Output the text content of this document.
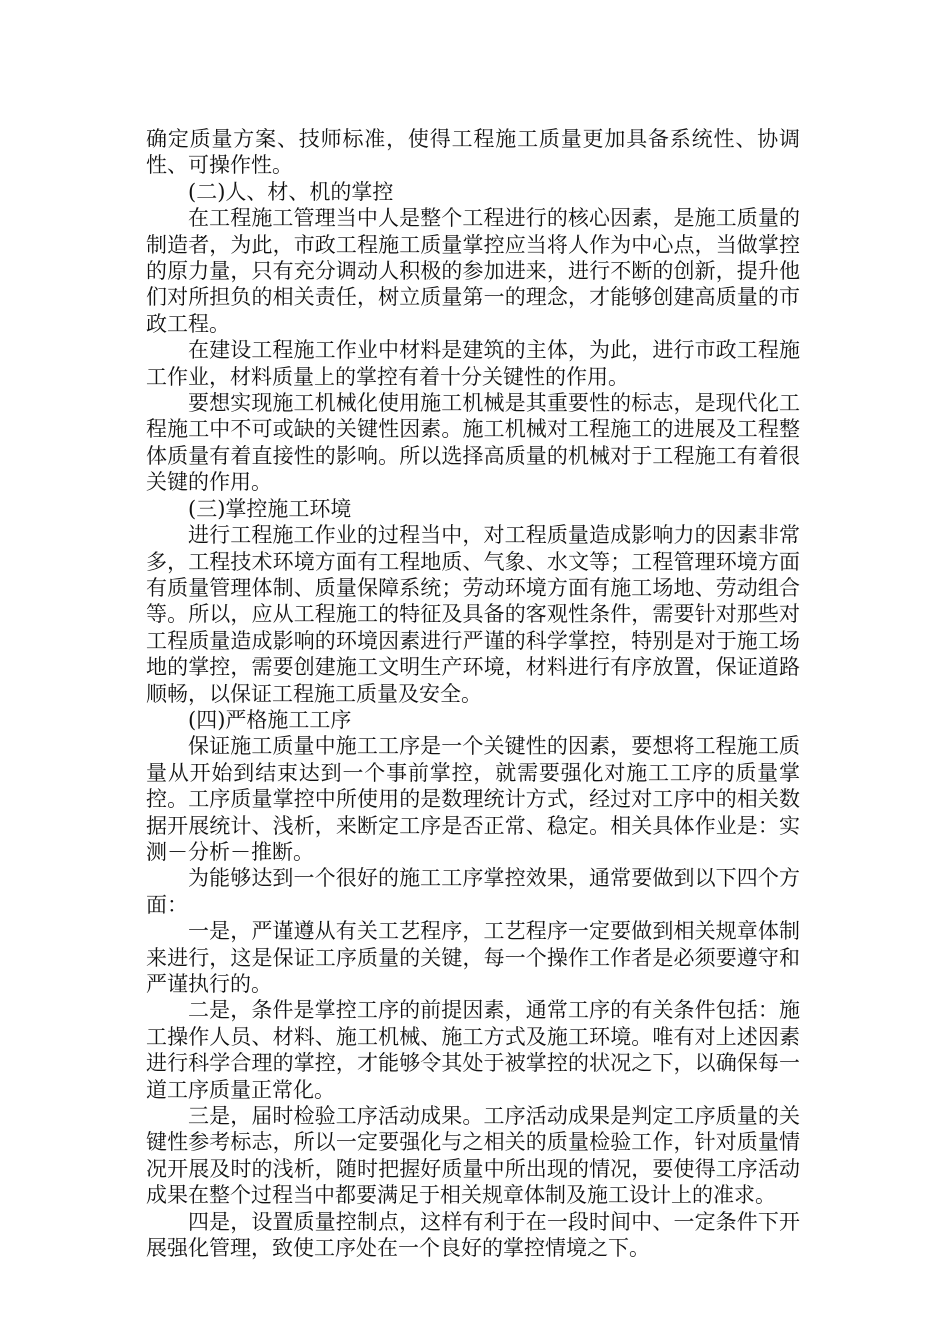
确定质量方案、技师标准，使得工程施工质量更加具备系统性、协调性、可操作性。

(二)人、材、机的掌控

在工程施工管理当中人是整个工程进行的核心因素，是施工质量的制造者，为此，市政工程施工质量掌控应当将人作为中心点，当做掌控的原力量，只有充分调动人积极的参加进来，进行不断的创新，提升他们对所担负的相关责任，树立质量第一的理念，才能够创建高质量的市政工程。

在建设工程施工作业中材料是建筑的主体，为此，进行市政工程施工作业，材料质量上的掌控有着十分关键性的作用。

要想实现施工机械化使用施工机械是其重要性的标志，是现代化工程施工中不可或缺的关键性因素。施工机械对工程施工的进展及工程整体质量有着直接性的影响。所以选择高质量的机械对于工程施工有着很关键的作用。

(三)掌控施工环境

进行工程施工作业的过程当中，对工程质量造成影响力的因素非常多，工程技术环境方面有工程地质、气象、水文等；工程管理环境方面有质量管理体制、质量保障系统；劳动环境方面有施工场地、劳动组合等。所以，应从工程施工的特征及具备的客观性条件，需要针对那些对工程质量造成影响的环境因素进行严谨的科学掌控，特别是对于施工场地的掌控，需要创建施工文明生产环境，材料进行有序放置，保证道路顺畅，以保证工程施工质量及安全。

(四)严格施工工序

保证施工质量中施工工序是一个关键性的因素，要想将工程施工质量从开始到结束达到一个事前掌控，就需要强化对施工工序的质量掌控。工序质量掌控中所使用的是数理统计方式，经过对工序中的相关数据开展统计、浅析，来断定工序是否正常、稳定。相关具体作业是：实测－分析－推断。

为能够达到一个很好的施工工序掌控效果，通常要做到以下四个方面：

一是，严谨遵从有关工艺程序，工艺程序一定要做到相关规章体制来进行，这是保证工序质量的关键，每一个操作工作者是必须要遵守和严谨执行的。

二是，条件是掌控工序的前提因素，通常工序的有关条件包括：施工操作人员、材料、施工机械、施工方式及施工环境。唯有对上述因素进行科学合理的掌控，才能够令其处于被掌控的状况之下，以确保每一道工序质量正常化。

三是，届时检验工序活动成果。工序活动成果是判定工序质量的关键性参考标志，所以一定要强化与之相关的质量检验工作，针对质量情况开展及时的浅析，随时把握好质量中所出现的情况，要使得工序活动成果在整个过程当中都要满足于相关规章体制及施工设计上的准求。

四是，设置质量控制点，这样有利于在一段时间中、一定条件下开展强化管理，致使工序处在一个良好的掌控情境之下。
